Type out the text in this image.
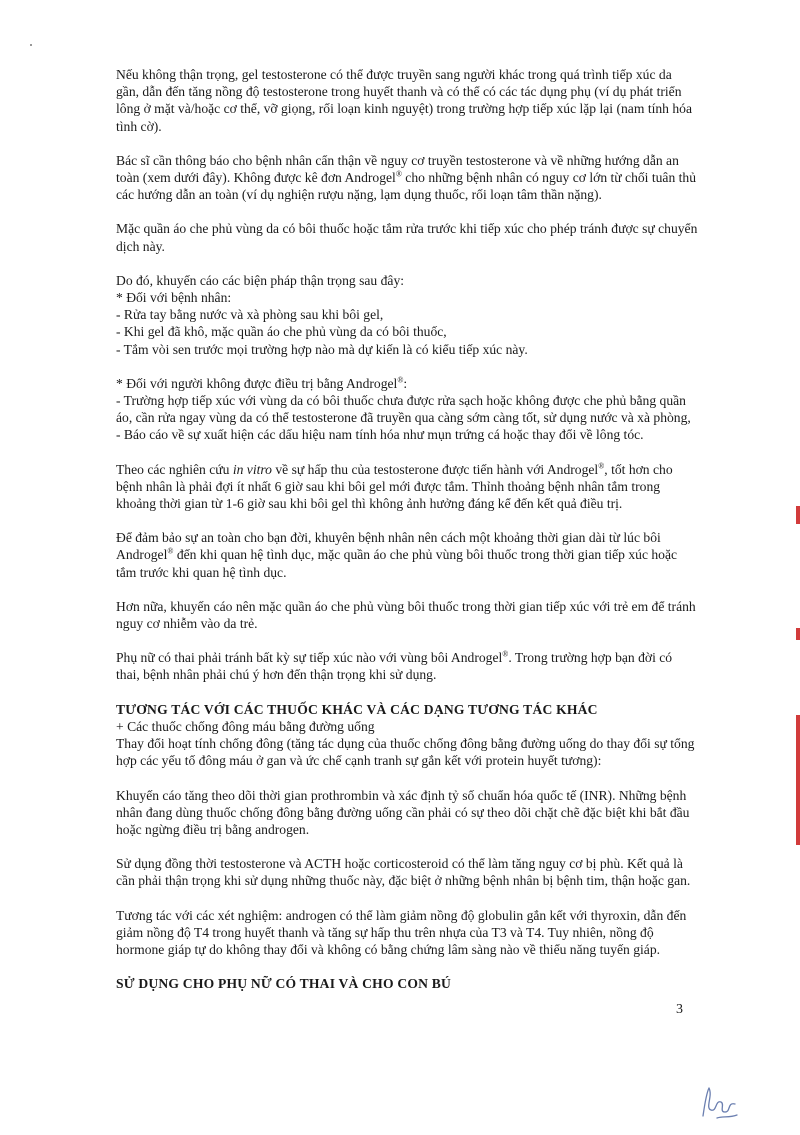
Nếu không thận trọng, gel testosterone có thể được truyền sang người khác trong quá trình tiếp xúc da gần, dẫn đến tăng nồng độ testosterone trong huyết thanh và có thể có các tác dụng phụ (ví dụ phát triển lông ở mặt và/hoặc cơ thể, vỡ giọng, rối loạn kinh nguyệt) trong trường hợp tiếp xúc lặp lại (nam tính hóa tình cờ).

Bác sĩ cần thông báo cho bệnh nhân cẩn thận về nguy cơ truyền testosterone và về những hướng dẫn an toàn (xem dưới đây). Không được kê đơn Androgel® cho những bệnh nhân có nguy cơ lớn từ chối tuân thủ các hướng dẫn an toàn (ví dụ nghiện rượu nặng, lạm dụng thuốc, rối loạn tâm thần nặng).

Mặc quần áo che phủ vùng da có bôi thuốc hoặc tắm rửa trước khi tiếp xúc cho phép tránh được sự chuyển dịch này.

Do đó, khuyến cáo các biện pháp thận trọng sau đây:
* Đối với bệnh nhân:
- Rửa tay bằng nước và xà phòng sau khi bôi gel,
- Khi gel đã khô, mặc quần áo che phủ vùng da có bôi thuốc,
- Tắm vòi sen trước mọi trường hợp nào mà dự kiến là có kiểu tiếp xúc này.
* Đối với người không được điều trị bằng Androgel®:
- Trường hợp tiếp xúc với vùng da có bôi thuốc chưa được rửa sạch hoặc không được che phủ bằng quần áo, cần rửa ngay vùng da có thể testosterone đã truyền qua càng sớm càng tốt, sử dụng nước và xà phòng,
- Báo cáo về sự xuất hiện các dấu hiệu nam tính hóa như mụn trứng cá hoặc thay đổi về lông tóc.

Theo các nghiên cứu in vitro về sự hấp thu của testosterone được tiến hành với Androgel®, tốt hơn cho bệnh nhân là phải đợi ít nhất 6 giờ sau khi bôi gel mới được tắm. Thỉnh thoảng bệnh nhân tắm trong khoảng thời gian từ 1-6 giờ sau khi bôi gel thì không ảnh hưởng đáng kể đến kết quả điều trị.

Để đảm bảo sự an toàn cho bạn đời, khuyên bệnh nhân nên cách một khoảng thời gian dài từ lúc bôi Androgel® đến khi quan hệ tình dục, mặc quần áo che phủ vùng bôi thuốc trong thời gian tiếp xúc hoặc tắm trước khi quan hệ tình dục.

Hơn nữa, khuyến cáo nên mặc quần áo che phủ vùng bôi thuốc trong thời gian tiếp xúc với trẻ em để tránh nguy cơ nhiễm vào da trẻ.

Phụ nữ có thai phải tránh bất kỳ sự tiếp xúc nào với vùng bôi Androgel®. Trong trường hợp bạn đời có thai, bệnh nhân phải chú ý hơn đến thận trọng khi sử dụng.

TƯƠNG TÁC VỚI CÁC THUỐC KHÁC VÀ CÁC DẠNG TƯƠNG TÁC KHÁC

+ Các thuốc chống đông máu bằng đường uống

Thay đổi hoạt tính chống đông (tăng tác dụng của thuốc chống đông bằng đường uống do thay đổi sự tổng hợp các yếu tố đông máu ở gan và ức chế cạnh tranh sự gắn kết với protein huyết tương):

Khuyến cáo tăng theo dõi thời gian prothrombin và xác định tỷ số chuẩn hóa quốc tế (INR). Những bệnh nhân đang dùng thuốc chống đông bằng đường uống cần phải có sự theo dõi chặt chẽ đặc biệt khi bắt đầu hoặc ngừng điều trị bằng androgen.

Sử dụng đồng thời testosterone và ACTH hoặc corticosteroid có thể làm tăng nguy cơ bị phù. Kết quả là cần phải thận trọng khi sử dụng những thuốc này, đặc biệt ở những bệnh nhân bị bệnh tim, thận hoặc gan.

Tương tác với các xét nghiệm: androgen có thể làm giảm nồng độ globulin gắn kết với thyroxin, dẫn đến giảm nồng độ T4 trong huyết thanh và tăng sự hấp thu trên nhựa của T3 và T4. Tuy nhiên, nồng độ hormone giáp tự do không thay đổi và không có bằng chứng lâm sàng nào về thiểu năng tuyến giáp.

SỬ DỤNG CHO PHỤ NỮ CÓ THAI VÀ CHO CON BÚ

3
